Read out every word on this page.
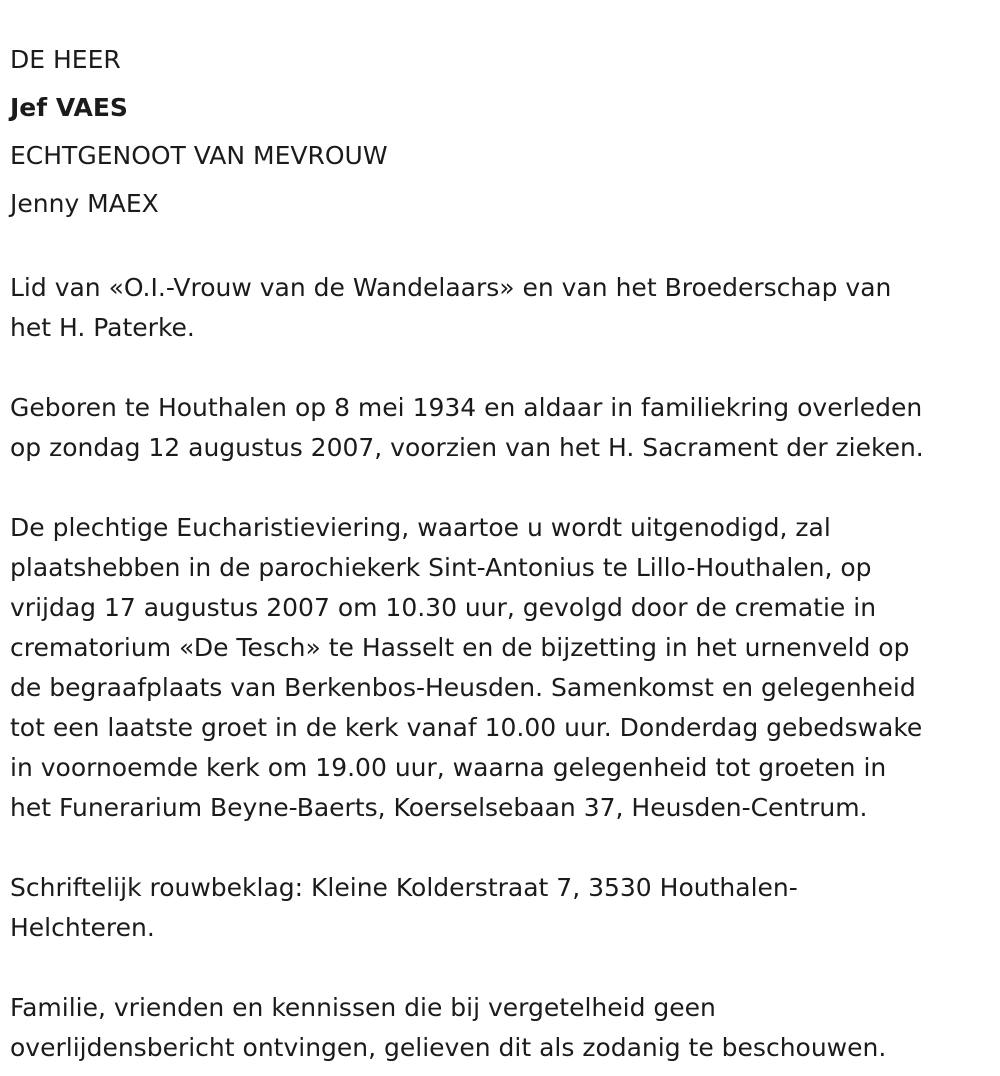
DE HEER

Jef VAES

ECHTGENOOT VAN MEVROUW

Jenny MAEX

Lid van «O.I.-Vrouw van de Wandelaars» en van het Broederschap van
het H. Paterke.

Geboren te Houthalen op 8 mei 1934 en aldaar in familiekring overleden
op zondag 12 augustus 2007, voorzien van het H. Sacrament der zieken.

De plechtige Eucharistieviering, waartoe u wordt uitgenodigd, zal
plaatshebben in de parochiekerk Sint-Antonius te Lillo-Houthalen, op
vrijdag 17 augustus 2007 om 10.30 uur, gevolgd door de crematie in
crematorium «De Tesch» te Hasselt en de bijzetting in het urnenveld op
de begraafplaats van Berkenbos-Heusden. Samenkomst en gelegenheid
tot een laatste groet in de kerk vanaf 10.00 uur. Donderdag gebedswake
in voornoemde kerk om 19.00 uur, waarna gelegenheid tot groeten in
het Funerarium Beyne-Baerts, Koerselsebaan 37, Heusden-Centrum.

Schriftelijk rouwbeklag: Kleine Kolderstraat 7, 3530 Houthalen-
Helchteren.

Familie, vrienden en kennissen die bij vergetelheid geen
overlijdensbericht ontvingen, gelieven dit als zodanig te beschouwen.
